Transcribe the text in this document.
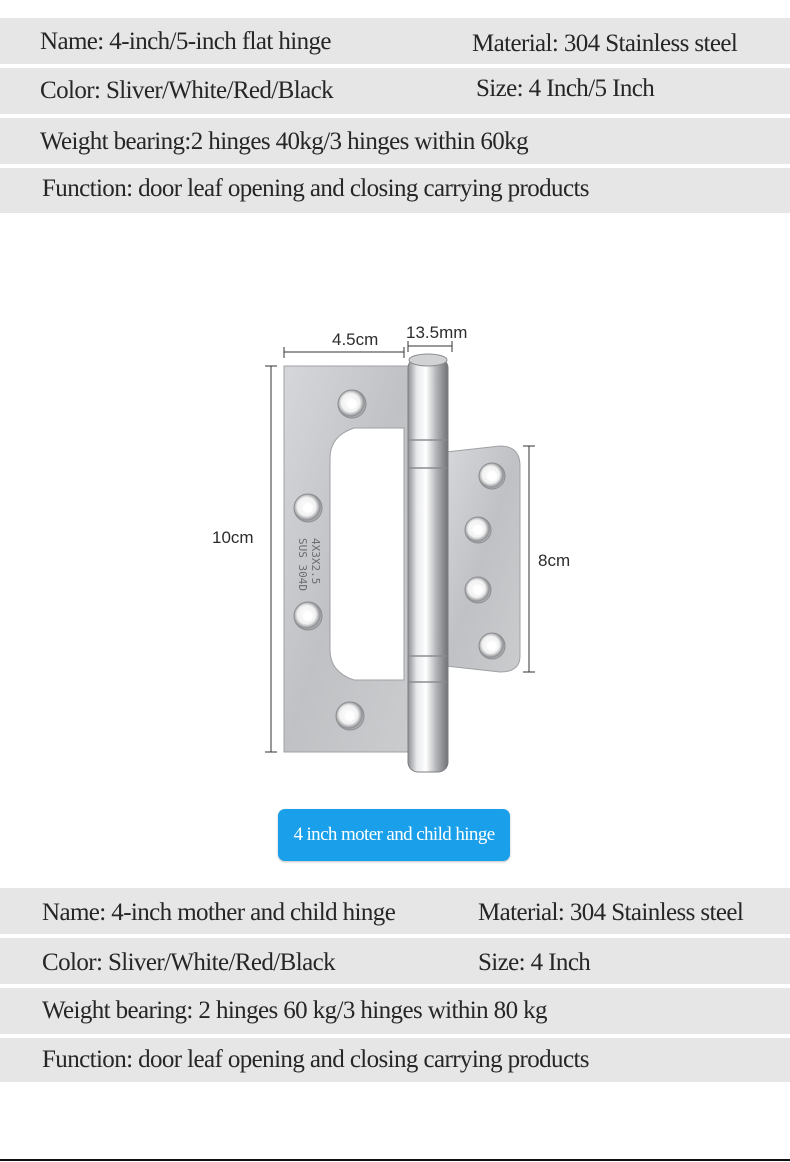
Name: 4-inch/5-inch flat hinge	Material: 304 Stainless steel
Color: Sliver/White/Red/Black	Size: 4 Inch/5 Inch
Weight bearing:2 hinges 40kg/3 hinges within 60kg
Function: door leaf opening and closing carrying products
4X3X2.5
SUS 304D
4.5cm 13.5mm
10cm
8cm
4 inch moter and child hinge
Name: 4-inch mother and child hinge	Material: 304 Stainless steel
Color: Sliver/White/Red/Black	Size: 4 Inch
Weight bearing: 2 hinges 60 kg/3 hinges within 80 kg
Function: door leaf opening and closing carrying products
